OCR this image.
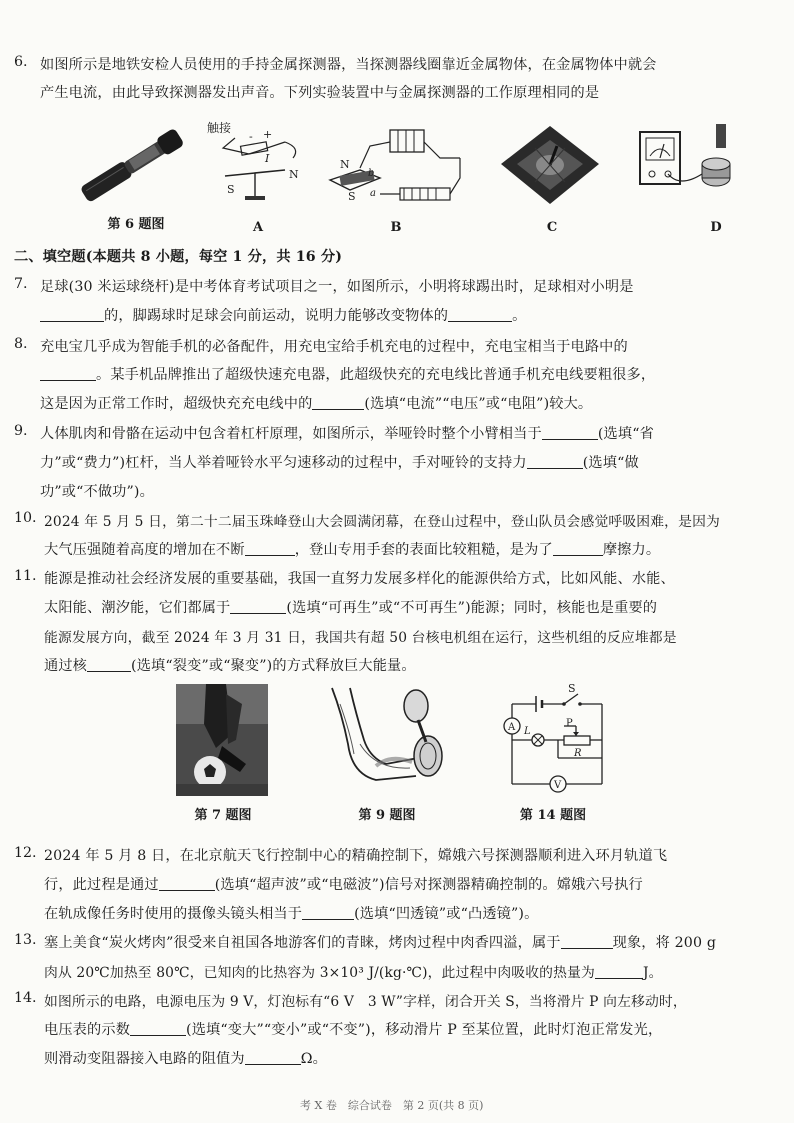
6. 如图所示是地铁安检人员使用的手持金属探测器，当探测器线圈靠近金属物体，在金属物体中就会
产生电流，由此导致探测器发出声音。下列实验装置中与金属探测器的工作原理相同的是
第 6 题图
触接	+
-
I
S
N
A
N
S
b
a
B	C	D
二、填空题(本题共 8 小题，每空 1 分，共 16 分)
7. 足球(30 米运球绕杆)是中考体育考试项目之一，如图所示，小明将球踢出时，足球相对小明是
的，脚踢球时足球会向前运动，说明力能够改变物体的	。
8. 充电宝几乎成为智能手机的必备配件，用充电宝给手机充电的过程中，充电宝相当于电路中的
。某手机品牌推出了超级快速充电器，此超级快充的充电线比普通手机充电线要粗很多，
这是因为正常工作时，超级快充充电线中的	(选填“电流”“电压”或“电阻”)较大。
9. 人体肌肉和骨骼在运动中包含着杠杆原理，如图所示，举哑铃时整个小臂相当于	(选填“省
力”或“费力”)杠杆，当人举着哑铃水平匀速移动的过程中，手对哑铃的支持力	(选填“做
功”或“不做功”)。
10. 2024 年 5 月 5 日，第二十二届玉珠峰登山大会圆满闭幕，在登山过程中，登山队员会感觉呼吸困难，是因为
大气压强随着高度的增加在不断	，登山专用手套的表面比较粗糙，是为了	摩擦力。
11. 能源是推动社会经济发展的重要基础，我国一直努力发展多样化的能源供给方式，比如风能、水能、
太阳能、潮汐能，它们都属于	(选填“可再生”或“不可再生”)能源；同时，核能也是重要的
能源发展方向，截至 2024 年 3 月 31 日，我国共有超 50 台核电机组在运行，这些机组的反应堆都是
通过核	(选填“裂变”或“聚变”)的方式释放巨大能量。
第 7 题图	第 9 题图
S
A L
P
R
V
第 14 题图
12. 2024 年 5 月 8 日，在北京航天飞行控制中心的精确控制下，嫦娥六号探测器顺利进入环月轨道飞
行，此过程是通过	(选填“超声波”或“电磁波”)信号对探测器精确控制的。嫦娥六号执行
在轨成像任务时使用的摄像头镜头相当于	(选填“凹透镜”或“凸透镜”)。
13. 塞上美食“炭火烤肉”很受来自祖国各地游客们的青睐，烤肉过程中肉香四溢，属于	现象，将 200 g
肉从 20℃加热至 80℃，已知肉的比热容为 3×10³ J/(kg·℃)，此过程中肉吸收的热量为	J。
14. 如图所示的电路，电源电压为 9 V，灯泡标有“6 V　3 W”字样，闭合开关 S，当将滑片 P 向左移动时，
电压表的示数	(选填“变大”“变小”或“不变”)，移动滑片 P 至某位置，此时灯泡正常发光，
则滑动变阻器接入电路的阻值为	Ω。
考 X 卷　综合试卷　第 2 页(共 8 页)
